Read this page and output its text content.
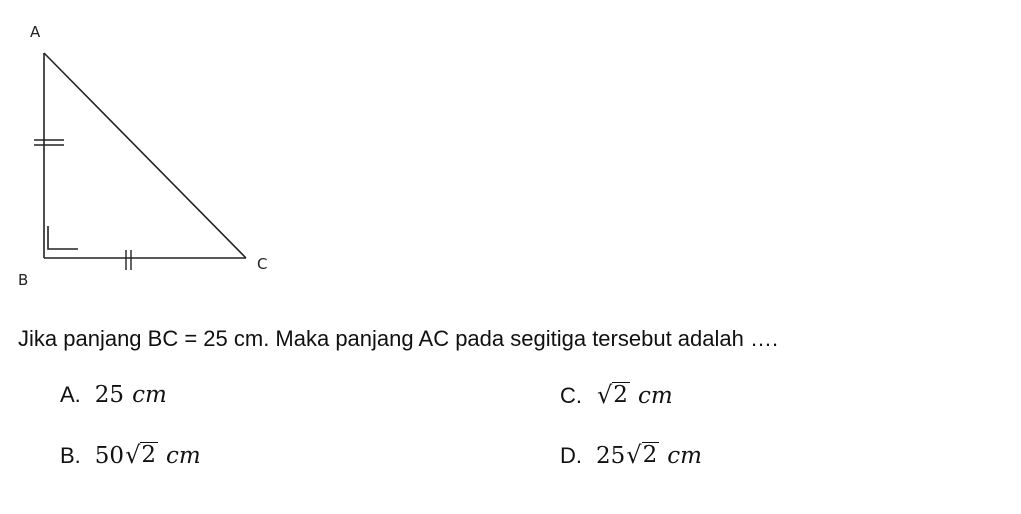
A
B
C
Jika panjang BC = 25 cm. Maka panjang AC pada segitiga tersebut adalah ….
A. 25 cm
B. 50 √ 2 cm
C. √ 2 cm
D. 25 √ 2 cm
